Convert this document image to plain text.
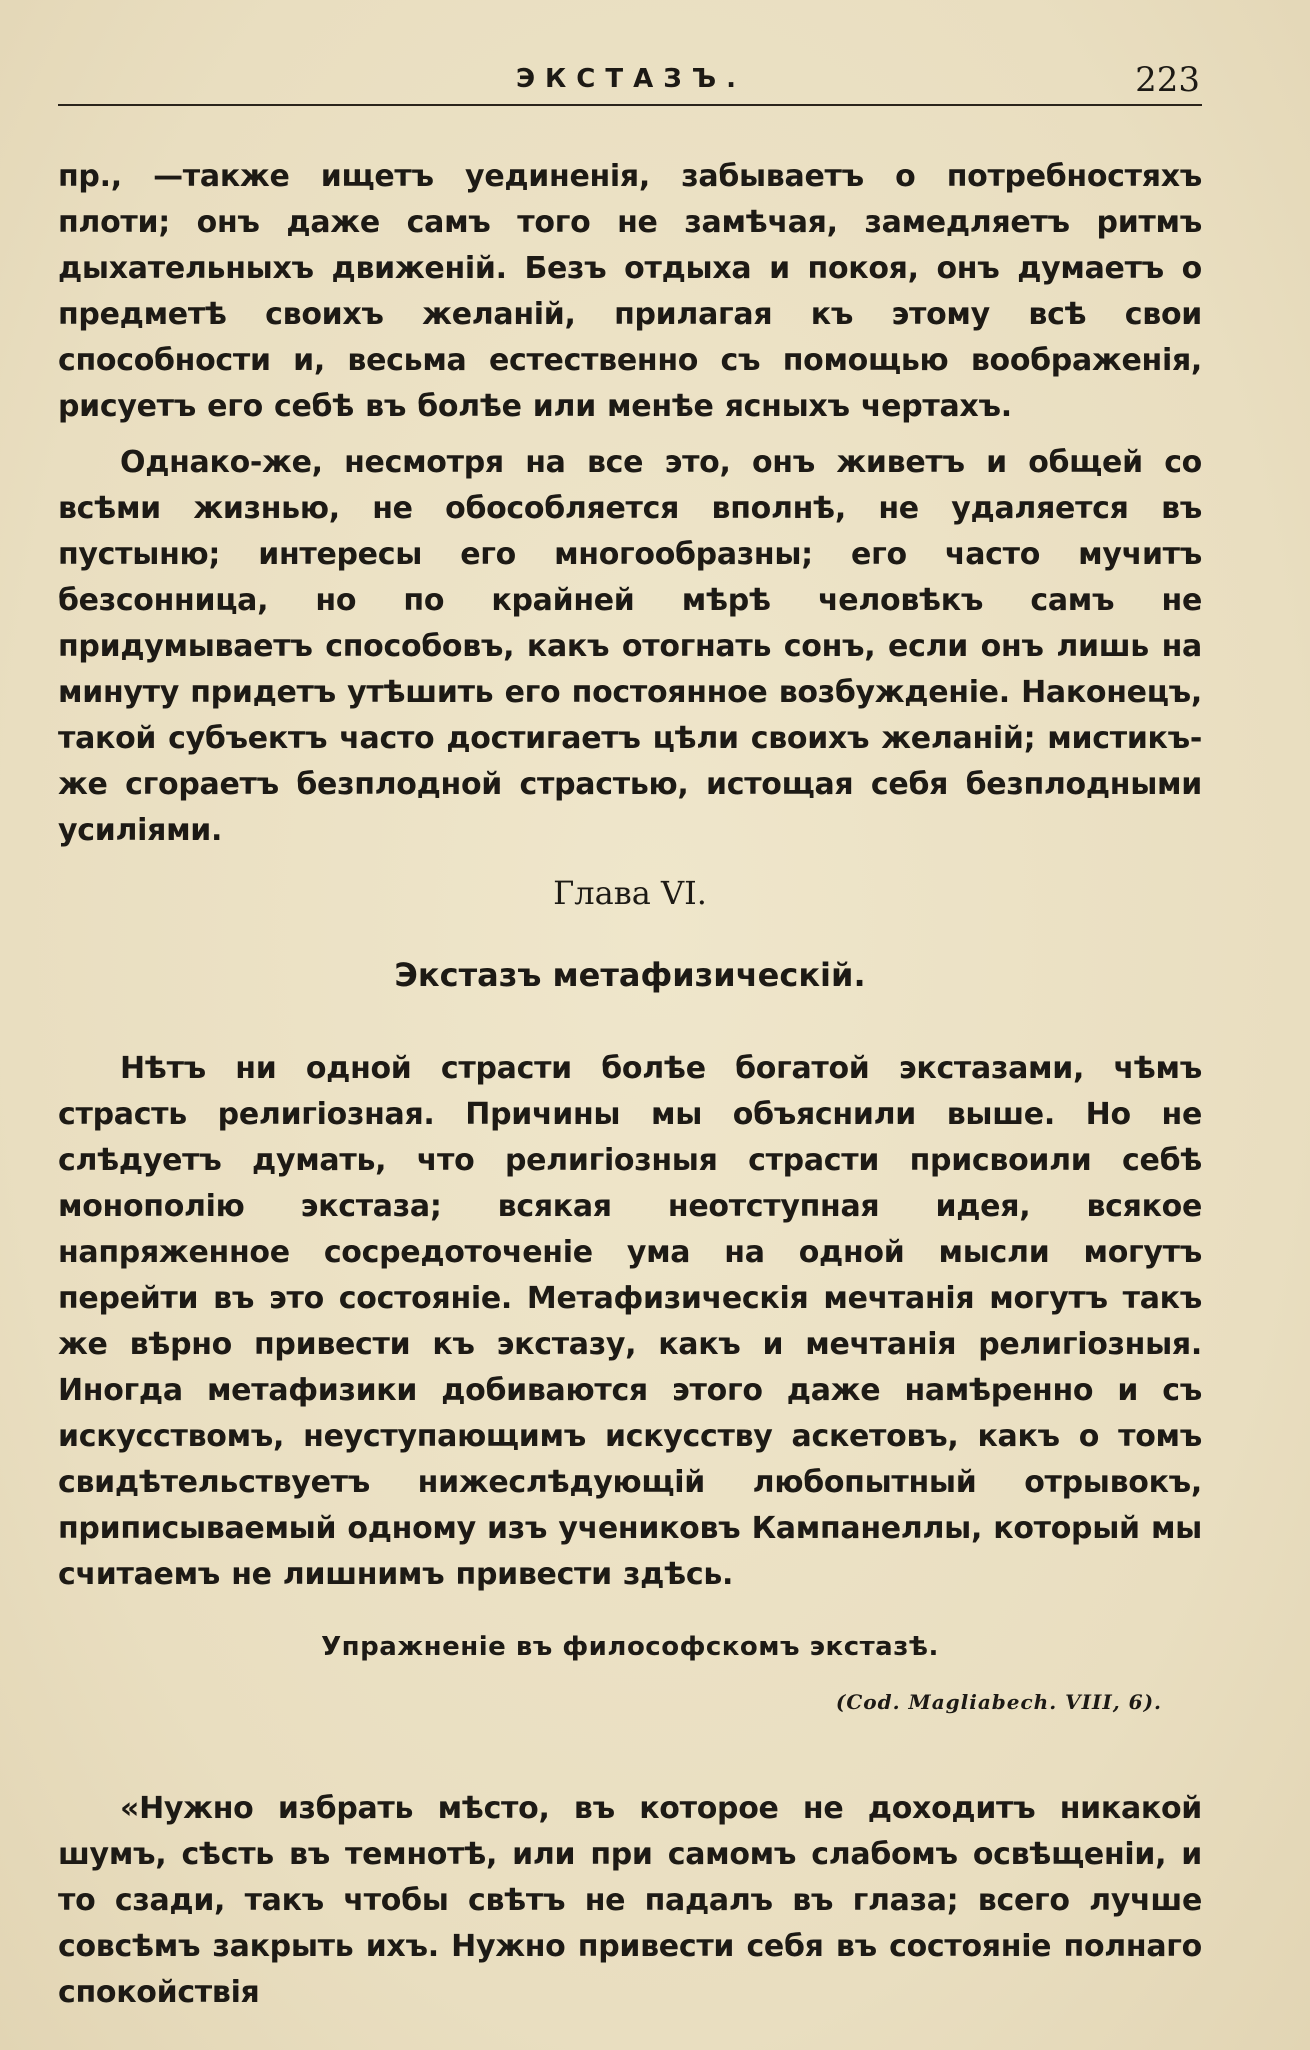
ЭКСТАЗЪ.	223
пр., —также ищетъ уединенія, забываетъ о потребностяхъ плоти; онъ даже самъ того не замѣчая, замедляетъ ритмъ дыхательныхъ движеній. Безъ отдыха и покоя, онъ думаетъ о предметѣ своихъ желаній, прилагая къ этому всѣ свои способности и, весьма естественно съ помощью воображенія, рисуетъ его себѣ въ болѣе или менѣе ясныхъ чертахъ.
Однако-же, несмотря на все это, онъ живетъ и общей со всѣми жизнью, не обособляется вполнѣ, не удаляется въ пустыню; интересы его многообразны; его часто мучитъ безсонница, но по крайней мѣрѣ человѣкъ самъ не придумываетъ способовъ, какъ отогнать сонъ, если онъ лишь на минуту придетъ утѣшить его постоянное возбужденіе. Наконецъ, такой субъектъ часто достигаетъ цѣли своихъ желаній; мистикъ-же сгораетъ безплодной страстью, истощая себя безплодными усиліями.
Глава VI.
Экстазъ метафизическій.
Нѣтъ ни одной страсти болѣе богатой экстазами, чѣмъ страсть религіозная. Причины мы объяснили выше. Но не слѣдуетъ думать, что религіозныя страсти присвоили себѣ монополію экстаза; всякая неотступная идея, всякое напряженное сосредоточеніе ума на одной мысли могутъ перейти въ это состояніе. Метафизическія мечтанія могутъ такъ же вѣрно привести къ экстазу, какъ и мечтанія религіозныя. Иногда метафизики добиваются этого даже намѣренно и съ искусствомъ, неуступающимъ искусству аскетовъ, какъ о томъ свидѣтельствуетъ нижеслѣдующій любопытный отрывокъ, приписываемый одному изъ учениковъ Кампанеллы, который мы считаемъ не лишнимъ привести здѣсь.
Упражненіе въ философскомъ экстазѣ.
(Cod. Magliabech. VIII, 6).
«Нужно избрать мѣсто, въ которое не доходитъ никакой шумъ, сѣсть въ темнотѣ, или при самомъ слабомъ освѣщеніи, и то сзади, такъ чтобы свѣтъ не падалъ въ глаза; всего лучше совсѣмъ закрыть ихъ. Нужно привести себя въ состояніе полнаго спокойствія
